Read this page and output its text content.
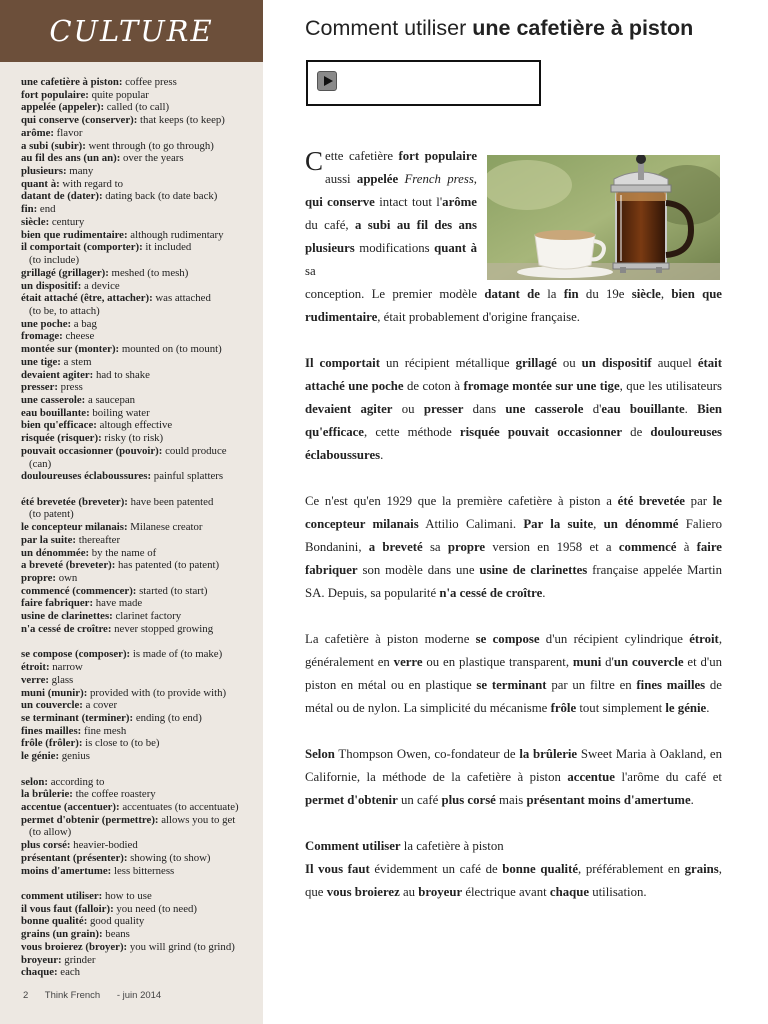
CULTURE
une cafetière à piston: coffee press
fort populaire: quite popular
appelée (appeler): called (to call)
qui conserve (conserver): that keeps (to keep)
arôme: flavor
a subi (subir): went through (to go through)
au fil des ans (un an): over the years
plusieurs: many
quant à: with regard to
datant de (dater): dating back (to date back)
fin: end
siècle: century
bien que rudimentaire: although rudimentary
il comportait (comporter): it included
(to include)
grillagé (grillager): meshed (to mesh)
un dispositif: a device
était attaché (être, attacher): was attached
(to be, to attach)
une poche: a bag
fromage: cheese
montée sur (monter): mounted on (to mount)
une tige: a stem
devaient agiter: had to shake
presser: press
une casserole: a saucepan
eau bouillante: boiling water
bien qu'efficace: altough effective
risquée (risquer): risky (to risk)
pouvait occasionner (pouvoir): could produce
(can)
douloureuses éclaboussures: painful splatters
été brevetée (breveter): have been patented
(to patent)
le concepteur milanais: Milanese creator
par la suite: thereafter
un dénommée: by the name of
a breveté (breveter): has patented (to patent)
propre: own
commencé (commencer): started (to start)
faire fabriquer: have made
usine de clarinettes: clarinet factory
n'a cessé de croître: never stopped growing
se compose (composer): is made of (to make)
étroit: narrow
verre: glass
muni (munir): provided with (to provide with)
un couvercle: a cover
se terminant (terminer): ending (to end)
fines mailles: fine mesh
frôle (frôler): is close to (to be)
le génie: genius
selon: according to
la brûlerie: the coffee roastery
accentue (accentuer): accentuates (to accentuate)
permet d'obtenir (permettre): allows you to get
(to allow)
plus corsé: heavier-bodied
présentant (présenter): showing (to show)
moins d'amertume: less bitterness
comment utiliser: how to use
il vous faut (falloir): you need (to need)
bonne qualité: good quality
grains (un grain): beans
vous broierez (broyer): you will grind (to grind)
broyeur: grinder
chaque: each
2 Think French - juin 2014
Comment utiliser une cafetière à piston
Cette cafetière fort populaire aussi appelée French press, qui conserve intact tout l'arôme du café, a subi au fil des ans plusieurs modifications quant à sa

conception. Le premier modèle datant de la fin du 19e siècle, bien que rudimentaire, était probablement d'origine française.

Il comportait un récipient métallique grillagé ou un dispositif auquel était attaché une poche de coton à fromage montée sur une tige, que les utilisateurs devaient agiter ou presser dans une casserole d'eau bouillante. Bien qu'efficace, cette méthode risquée pouvait occasionner de douloureuses éclaboussures.

Ce n'est qu'en 1929 que la première cafetière à piston a été brevetée par le concepteur milanais Attilio Calimani. Par la suite, un dénommé Faliero Bondanini, a breveté sa propre version en 1958 et a commencé à faire fabriquer son modèle dans une usine de clarinettes française appelée Martin SA. Depuis, sa popularité n'a cessé de croître.

La cafetière à piston moderne se compose d'un récipient cylindrique étroit, généralement en verre ou en plastique transparent, muni d'un couvercle et d'un piston en métal ou en plastique se terminant par un filtre en fines mailles de métal ou de nylon. La simplicité du mécanisme frôle tout simplement le génie.

Selon Thompson Owen, co-fondateur de la brûlerie Sweet Maria à Oakland, en Californie, la méthode de la cafetière à piston accentue l'arôme du café et permet d'obtenir un café plus corsé mais présentant moins d'amertume.

Comment utiliser la cafetière à piston

Il vous faut évidemment un café de bonne qualité, préférablement en grains, que vous broierez au broyeur électrique avant chaque utilisation.
